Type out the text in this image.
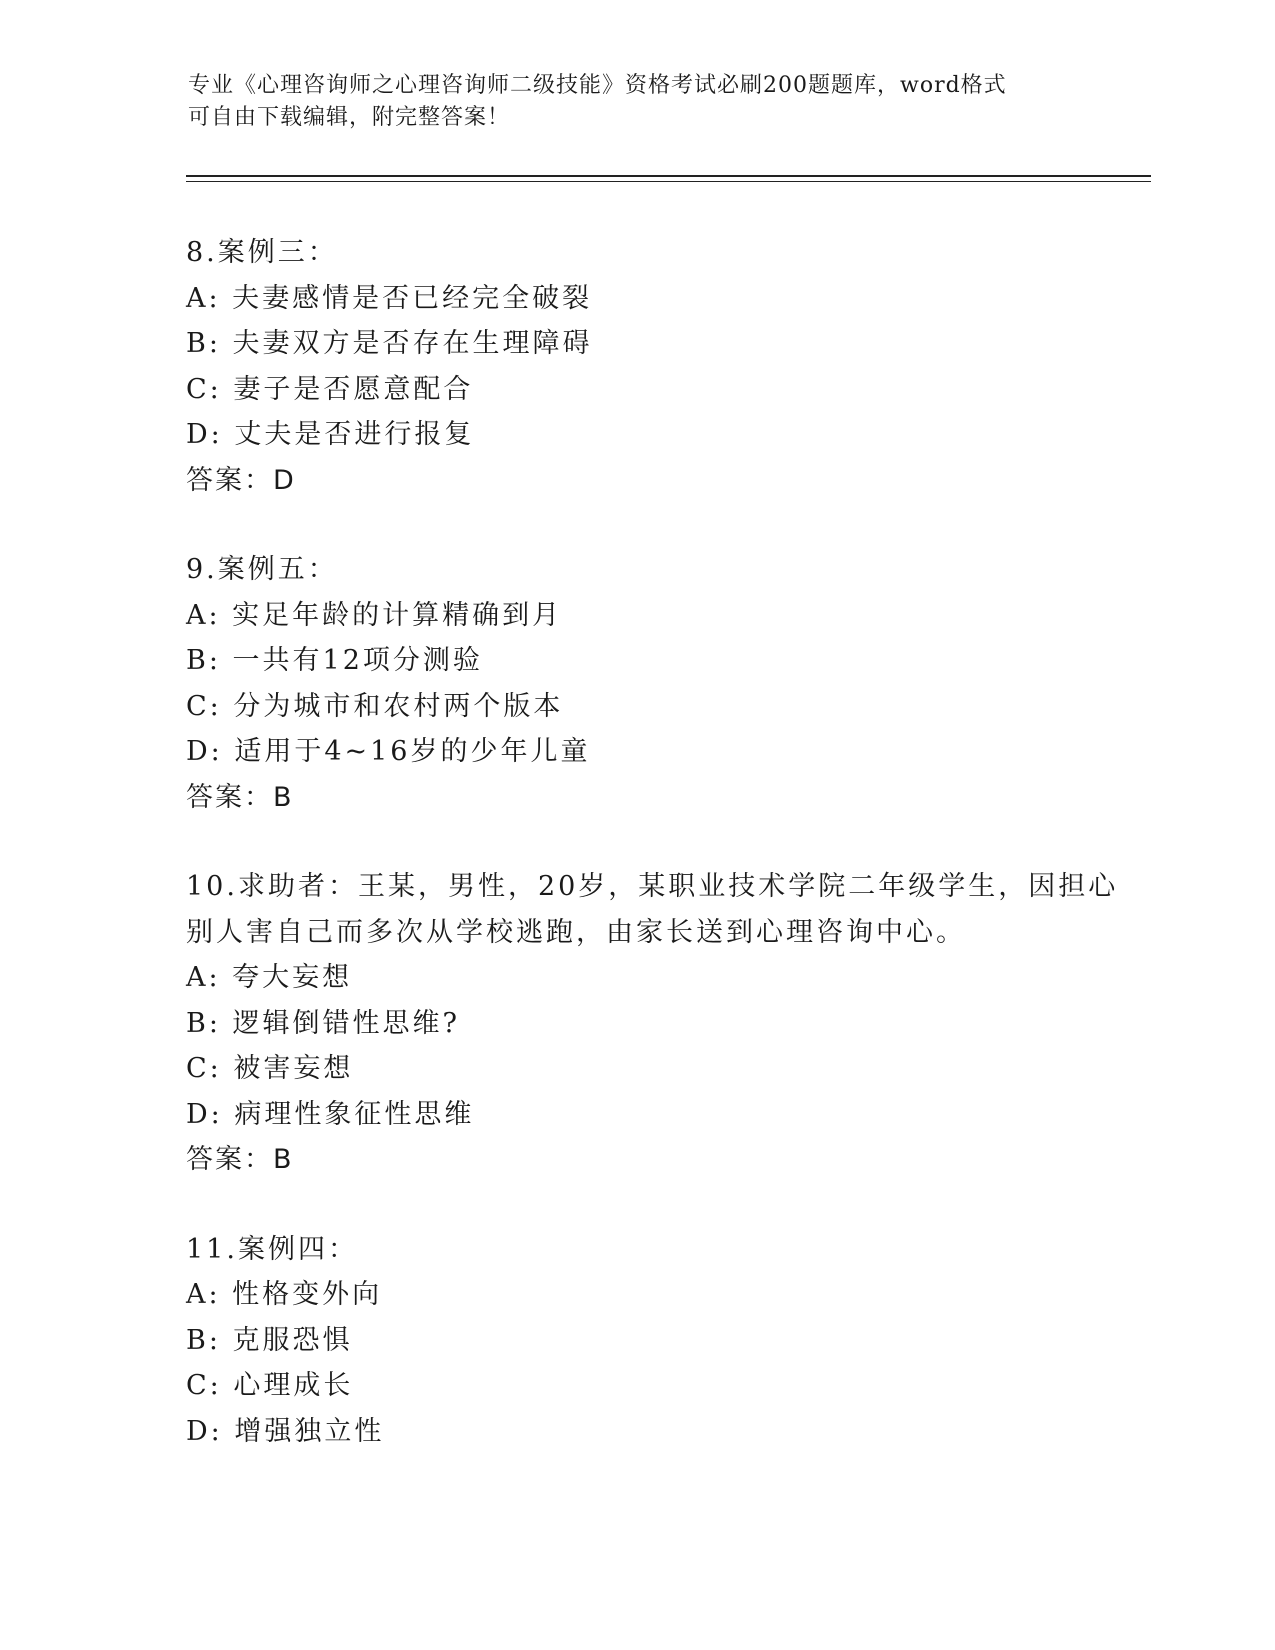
专业《心理咨询师之心理咨询师二级技能》资格考试必刷200题题库，word格式
可自由下载编辑，附完整答案！
8.案例三：
A: 夫妻感情是否已经完全破裂
B: 夫妻双方是否存在生理障碍
C: 妻子是否愿意配合
D: 丈夫是否进行报复
答案：D
9.案例五：
A: 实足年龄的计算精确到月
B: 一共有12项分测验
C: 分为城市和农村两个版本
D: 适用于4~16岁的少年儿童
答案：B
10.求助者：王某，男性，20岁，某职业技术学院二年级学生，因担心
别人害自己而多次从学校逃跑，由家长送到心理咨询中心。
A: 夸大妄想
B: 逻辑倒错性思维?
C: 被害妄想
D: 病理性象征性思维
答案：B
11.案例四：
A: 性格变外向
B: 克服恐惧
C: 心理成长
D: 增强独立性
